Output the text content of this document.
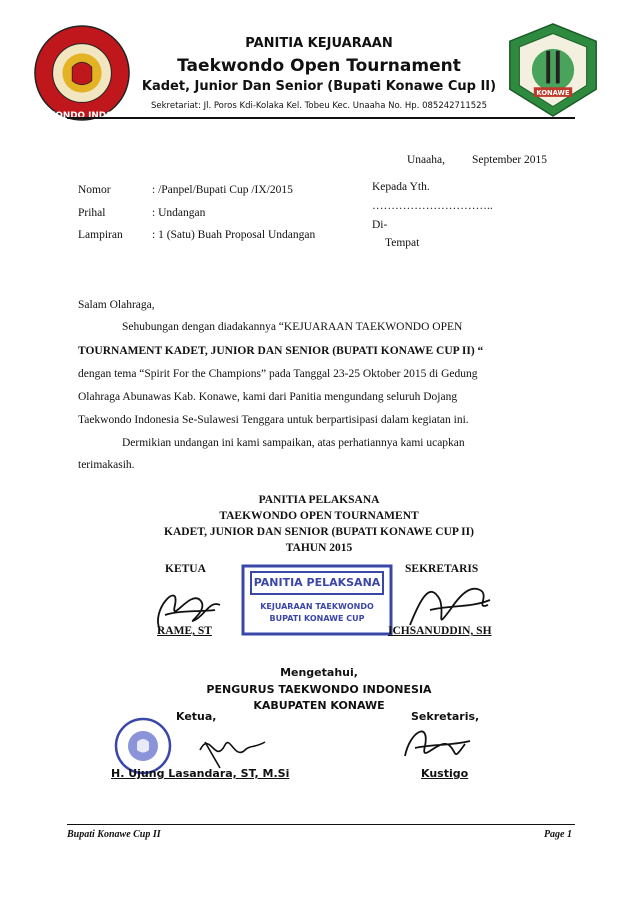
TAEKWONDO INDONESIA
KONAWE
PANITIA KEJUARAAN
Taekwondo Open Tournament
Kadet, Junior Dan Senior (Bupati Konawe Cup II)
Sekretariat: Jl. Poros Kdi-Kolaka Kel. Tobeu Kec. Unaaha No. Hp. 085242711525
Unaaha, September 2015
Nomor	: /Panpel/Bupati Cup /IX/2015
Prihal	: Undangan
Lampiran	: 1 (Satu) Buah Proposal Undangan
Kepada Yth.
…………………………..
Di-
Tempat
Salam Olahraga,
Sehubungan dengan diadakannya “KEJUARAAN TAEKWONDO OPEN
TOURNAMENT KADET, JUNIOR DAN SENIOR (BUPATI KONAWE CUP II) “
dengan tema “Spirit For the Champions” pada Tanggal 23-25 Oktober 2015 di Gedung
Olahraga Abunawas Kab. Konawe, kami dari Panitia mengundang seluruh Dojang
Taekwondo Indonesia Se-Sulawesi Tenggara untuk berpartisipasi dalam kegiatan ini.
Dermikian undangan ini kami sampaikan, atas perhatiannya kami ucapkan
terimakasih.
PANITIA PELAKSANA
TAEKWONDO OPEN TOURNAMENT
KADET, JUNIOR DAN SENIOR (BUPATI KONAWE CUP II)
TAHUN 2015
KETUA	SEKRETARIS
PANITIA PELAKSANA
KEJUARAAN TAEKWONDO
BUPATI KONAWE CUP
RAME, ST	ICHSANUDDIN, SH
Mengetahui,
PENGURUS TAEKWONDO INDONESIA
KABUPATEN KONAWE
Ketua,	Sekretaris,
H. Ujung Lasandara, ST, M.Si	Kustigo
Bupati Konawe Cup II	Page 1
